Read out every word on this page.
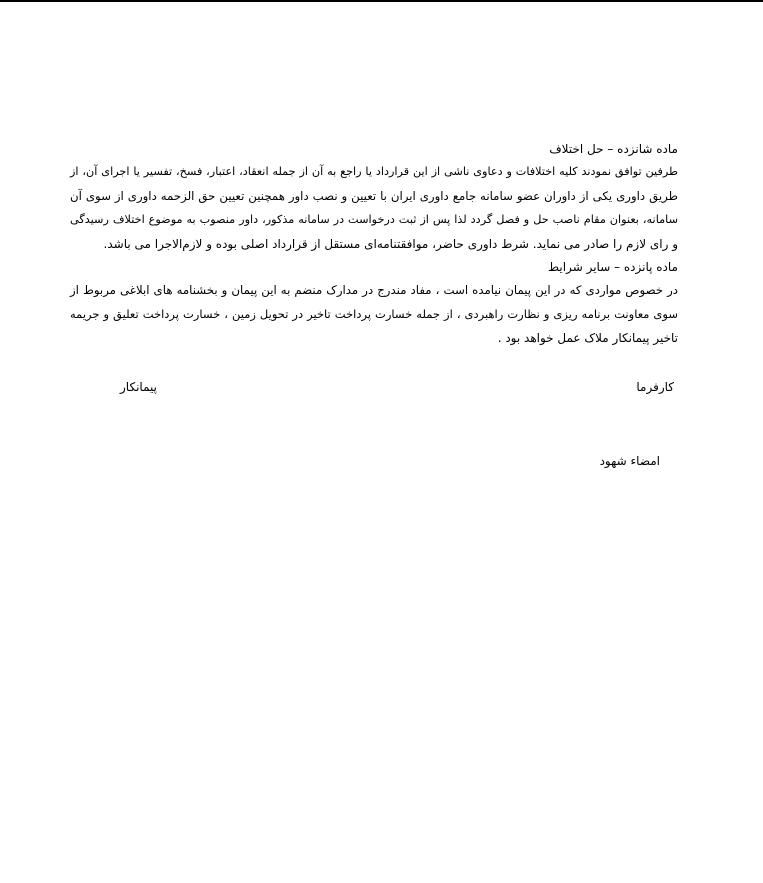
ماده شانزده – حل اختلاف
طرفین توافق نمودند کلیه اختلافات و دعاوی ناشی از این قرارداد یا راجع به آن از جمله انعقاد، اعتبار، فسخ، تفسیر یا اجرای آن، از
طریق داوری یکی از داوران عضو سامانه جامع داوری ایران با تعیین و نصب داور همچنین تعیین حق الزحمه داوری از سوی آن
سامانه، بعنوان مقام ناصب حل و فصل گردد لذا پس از ثبت درخواست در سامانه مذکور، داور منصوب به موضوع اختلاف رسیدگی
و رای لازم را صادر می نماید. شرط داوری حاضر، موافقتنامه‌ای مستقل از قرارداد اصلی بوده و لازم‌الاجرا می باشد.
ماده پانزده – سایر شرایط
در خصوص مواردی که در این پیمان نیامده است ، مفاد مندرج در مدارک منضم به این پیمان و بخشنامه های ابلاغی مربوط از
سوی معاونت برنامه ریزی و نظارت راهبردی ، از جمله خسارت پرداخت تاخیر در تحویل زمین ، خسارت پرداخت تعلیق و جریمه
تاخیر پیمانکار ملاک عمل خواهد بود .
کارفرما
پیمانکار
امضاء شهود
